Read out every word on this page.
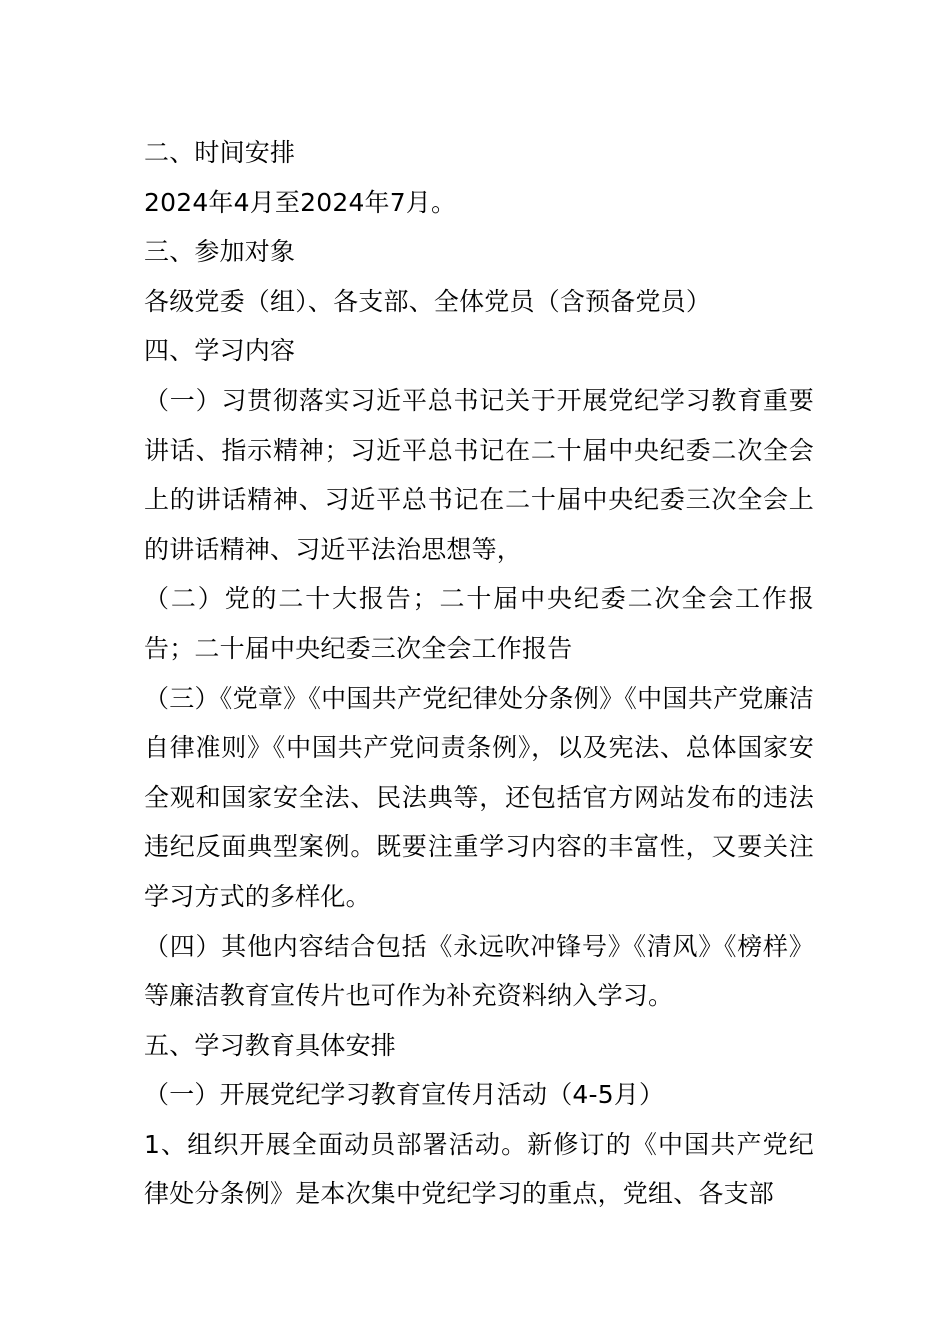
二、时间安排

2024年4月至2024年7月。

三、参加对象

各级党委（组）、各支部、全体党员（含预备党员）

四、学习内容

（一）习贯彻落实习近平总书记关于开展党纪学习教育重要讲话、指示精神；习近平总书记在二十届中央纪委二次全会上的讲话精神、习近平总书记在二十届中央纪委三次全会上的讲话精神、习近平法治思想等，

（二）党的二十大报告；二十届中央纪委二次全会工作报告；二十届中央纪委三次全会工作报告

（三）《党章》《中国共产党纪律处分条例》《中国共产党廉洁自律准则》《中国共产党问责条例》，以及宪法、总体国家安全观和国家安全法、民法典等，还包括官方网站发布的违法违纪反面典型案例。既要注重学习内容的丰富性，又要关注学习方式的多样化。

（四）其他内容结合包括《永远吹冲锋号》《清风》《榜样》等廉洁教育宣传片也可作为补充资料纳入学习。

五、学习教育具体安排

（一）开展党纪学习教育宣传月活动（4-5月）

1、组织开展全面动员部署活动。新修订的《中国共产党纪律处分条例》是本次集中党纪学习的重点，党组、各支部
